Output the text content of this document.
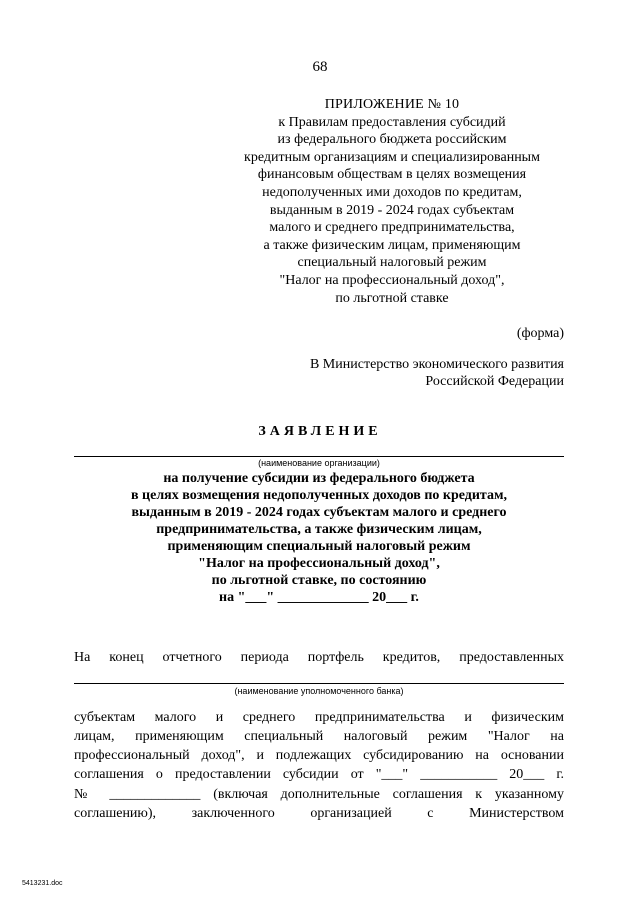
68
ПРИЛОЖЕНИЕ № 10
к Правилам предоставления субсидий
из федерального бюджета российским
кредитным организациям и специализированным
финансовым обществам в целях возмещения
недополученных ими доходов по кредитам,
выданным в 2019 - 2024 годах субъектам
малого и среднего предпринимательства,
а также физическим лицам, применяющим
специальный налоговый режим
"Налог на профессиональный доход",
по льготной ставке
(форма)
В Министерство экономического развития
Российской Федерации
ЗАЯВЛЕНИЕ
(наименование организации)
на получение субсидии из федерального бюджета
в целях возмещения недополученных доходов по кредитам,
выданным в 2019 - 2024 годах субъектам малого и среднего
предпринимательства, а также физическим лицам,
применяющим специальный налоговый режим
"Налог на профессиональный доход",
по льготной ставке, по состоянию
на "___" _____________ 20___ г.
На конец отчетного периода портфель кредитов, предоставленных
(наименование уполномоченного банка)
субъектам малого и среднего предпринимательства и физическим
лицам, применяющим специальный налоговый режим "Налог на
профессиональный доход", и подлежащих субсидированию на основании
соглашения о предоставлении субсидии от "___" ___________ 20___ г.
№ _____________ (включая дополнительные соглашения к указанному
соглашению), заключенного организацией с Министерством
5413231.doc
